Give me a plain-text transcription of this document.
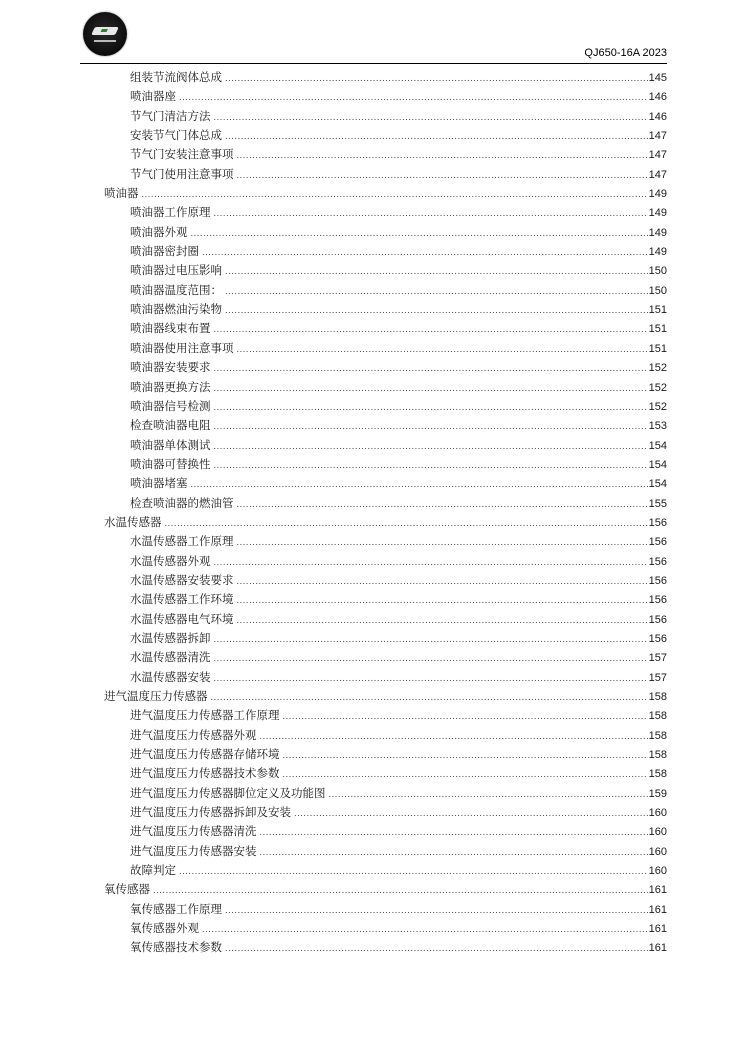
QJ650-16A 2023
组装节流阀体总成 .....	145
喷油器座 .....	146
节气门清洁方法 .....	146
安装节气门体总成 .....	147
节气门安装注意事项 .....	147
节气门使用注意事项 .....	147
喷油器 .....	149
喷油器工作原理 .....	149
喷油器外观 .....	149
喷油器密封圈 .....	149
喷油器过电压影响 .....	150
喷油器温度范围： .....	150
喷油器燃油污染物 .....	151
喷油器线束布置 .....	151
喷油器使用注意事项 .....	151
喷油器安装要求 .....	152
喷油器更换方法 .....	152
喷油器信号检测 .....	152
检查喷油器电阻 .....	153
喷油器单体测试 .....	154
喷油器可替换性 .....	154
喷油器堵塞 .....	154
检查喷油器的燃油管 .....	155
水温传感器 .....	156
水温传感器工作原理 .....	156
水温传感器外观 .....	156
水温传感器安装要求 .....	156
水温传感器工作环境 .....	156
水温传感器电气环境 .....	156
水温传感器拆卸 .....	156
水温传感器清洗 .....	157
水温传感器安装 .....	157
进气温度压力传感器 .....	158
进气温度压力传感器工作原理 .....	158
进气温度压力传感器外观 .....	158
进气温度压力传感器存储环境 .....	158
进气温度压力传感器技术参数 .....	158
进气温度压力传感器脚位定义及功能图 .....	159
进气温度压力传感器拆卸及安装 .....	160
进气温度压力传感器清洗 .....	160
进气温度压力传感器安装 .....	160
故障判定 .....	160
氧传感器 .....	161
氧传感器工作原理 .....	161
氧传感器外观 .....	161
氧传感器技术参数 .....	161
